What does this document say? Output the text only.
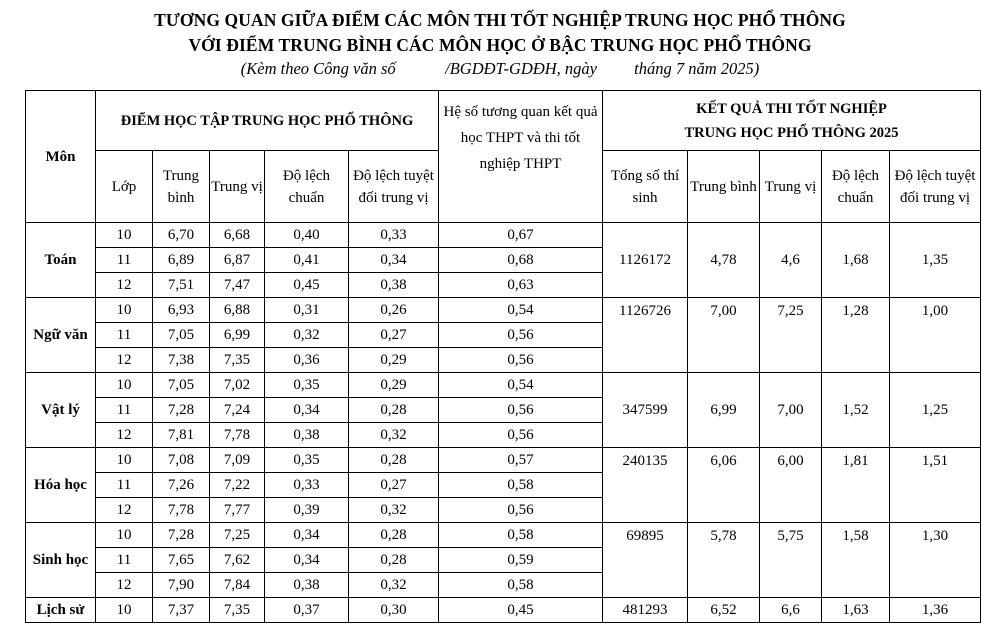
TƯƠNG QUAN GIỮA ĐIỂM CÁC MÔN THI TỐT NGHIỆP TRUNG HỌC PHỔ THÔNG
VỚI ĐIỂM TRUNG BÌNH CÁC MÔN HỌC Ở BẬC TRUNG HỌC PHỔ THÔNG
(Kèm theo Công văn số            /BGDĐT-GDĐH, ngày         tháng 7 năm 2025)
Môn	ĐIỂM HỌC TẬP TRUNG HỌC PHỔ THÔNG					Hệ số tương quan kết quả học THPT và thi tốt nghiệp THPT	KẾT QUẢ THI TỐT NGHIỆP
TRUNG HỌC PHỔ THÔNG 2025				

	Lớp	Trung bình	Trung vị	Độ lệch chuẩn	Độ lệch tuyệt đối trung vị		Tổng số thí sinh	Trung bình	Trung vị	Độ lệch chuẩn	Độ lệch tuyệt đối trung vị
Toán	10	6,70	6,68	0,40	0,33	0,67	1126172	4,78	4,6	1,68	1,35
	11	6,89	6,87	0,41	0,34	0,68					
	12	7,51	7,47	0,45	0,38	0,63					
Ngữ văn	10	6,93	6,88	0,31	0,26	0,54	1126726	7,00	7,25	1,28	1,00
	11	7,05	6,99	0,32	0,27	0,56					
	12	7,38	7,35	0,36	0,29	0,56					
Vật lý	10	7,05	7,02	0,35	0,29	0,54	347599	6,99	7,00	1,52	1,25
	11	7,28	7,24	0,34	0,28	0,56					
	12	7,81	7,78	0,38	0,32	0,56					
Hóa học	10	7,08	7,09	0,35	0,28	0,57	240135	6,06	6,00	1,81	1,51
	11	7,26	7,22	0,33	0,27	0,58					
	12	7,78	7,77	0,39	0,32	0,56					
Sinh học	10	7,28	7,25	0,34	0,28	0,58	69895	5,78	5,75	1,58	1,30
	11	7,65	7,62	0,34	0,28	0,59					
	12	7,90	7,84	0,38	0,32	0,58					
Lịch sử	10	7,37	7,35	0,37	0,30	0,45	481293	6,52	6,6	1,63	1,36
